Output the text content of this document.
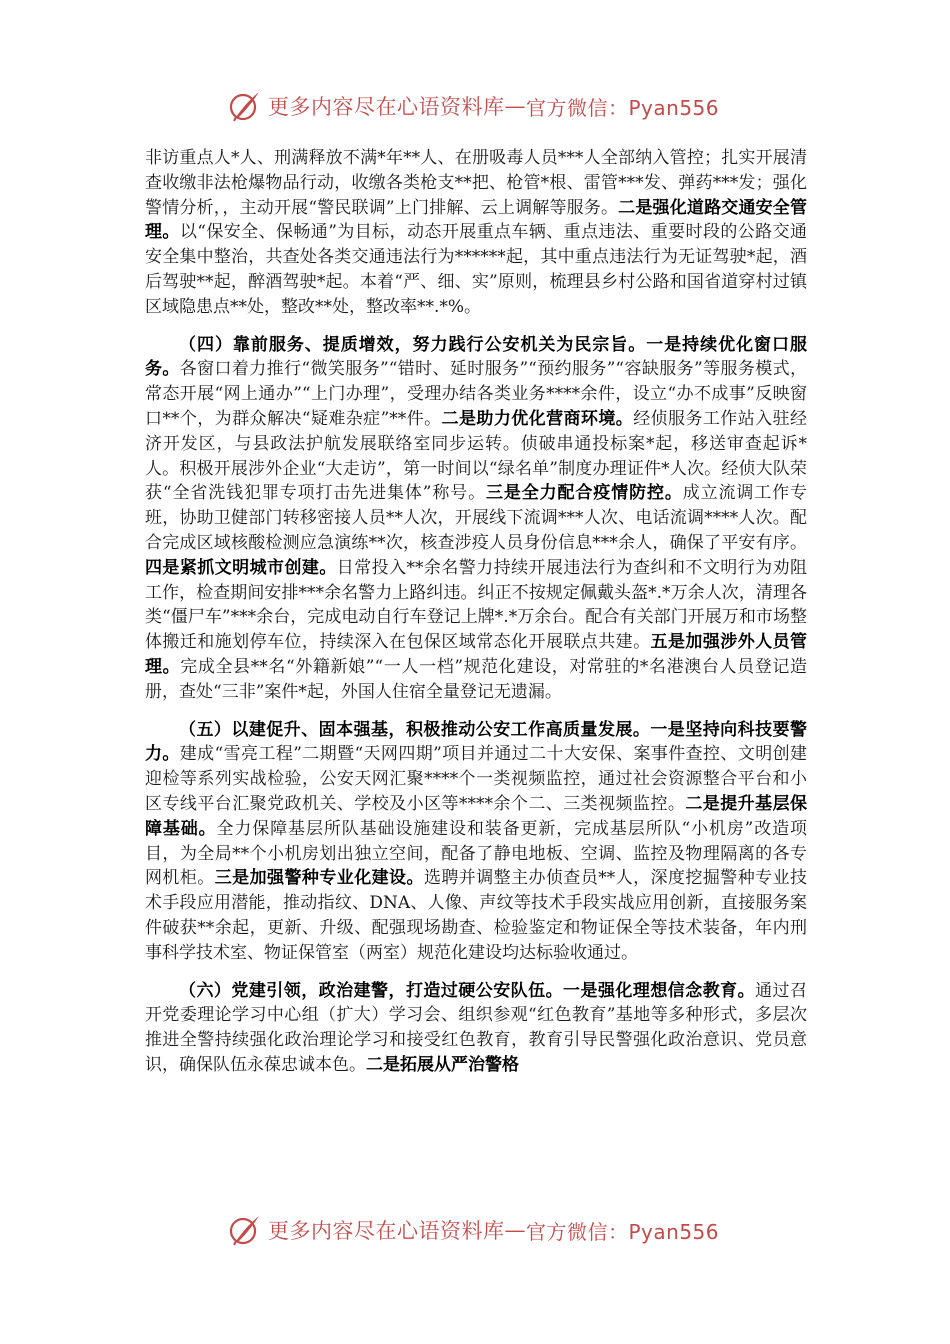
更多内容尽在心语资料库 — 官方微信：Pyan556

非访重点人*人、刑满释放不满*年**人、在册吸毒人员***人全部纳入管控；扎实开展清查收缴非法枪爆物品行动，收缴各类枪支**把、枪管*根、雷管***发、弹药***发；强化警情分析，，主动开展“警民联调”上门排解、云上调解等服务。二是强化道路交通安全管理。以“保安全、保畅通”为目标，动态开展重点车辆、重点违法、重要时段的公路交通安全集中整治，共查处各类交通违法行为******起，其中重点违法行为无证驾驶*起，酒后驾驶**起，醉酒驾驶*起。本着“严、细、实”原则，梳理县乡村公路和国省道穿村过镇区域隐患点**处，整改**处，整改率**.*%。

（四）靠前服务、提质增效，努力践行公安机关为民宗旨。一是持续优化窗口服务。各窗口着力推行“微笑服务”“错时、延时服务”“预约服务”“容缺服务”等服务模式，常态开展“网上通办”“上门办理”，受理办结各类业务****余件，设立“办不成事”反映窗口**个，为群众解决“疑难杂症”**件。二是助力优化营商环境。经侦服务工作站入驻经济开发区，与县政法护航发展联络室同步运转。侦破串通投标案*起，移送审查起诉*人。积极开展涉外企业“大走访”，第一时间以“绿名单”制度办理证件*人次。经侦大队荣获“全省洗钱犯罪专项打击先进集体”称号。三是全力配合疫情防控。成立流调工作专班，协助卫健部门转移密接人员**人次，开展线下流调***人次、电话流调****人次。配合完成区域核酸检测应急演练**次，核查涉疫人员身份信息***余人，确保了平安有序。四是紧抓文明城市创建。日常投入**余名警力持续开展违法行为查纠和不文明行为劝阻工作，检查期间安排***余名警力上路纠违。纠正不按规定佩戴头盔*.*万余人次，清理各类“僵尸车”***余台，完成电动自行车登记上牌*.*万余台。配合有关部门开展万和市场整体搬迁和施划停车位，持续深入在包保区域常态化开展联点共建。五是加强涉外人员管理。完成全县**名“外籍新娘”“一人一档”规范化建设，对常驻的*名港澳台人员登记造册，查处“三非”案件*起，外国人住宿全量登记无遗漏。

（五）以建促升、固本强基，积极推动公安工作高质量发展。一是坚持向科技要警力。建成“雪亮工程”二期暨“天网四期”项目并通过二十大安保、案事件查控、文明创建迎检等系列实战检验，公安天网汇聚****个一类视频监控，通过社会资源整合平台和小区专线平台汇聚党政机关、学校及小区等****余个二、三类视频监控。二是提升基层保障基础。全力保障基层所队基础设施建设和装备更新，完成基层所队“小机房”改造项目，为全局**个小机房划出独立空间，配备了静电地板、空调、监控及物理隔离的各专网机柜。三是加强警种专业化建设。选聘并调整主办侦查员**人，深度挖掘警种专业技术手段应用潜能，推动指纹、DNA、人像、声纹等技术手段实战应用创新，直接服务案件破获**余起，更新、升级、配强现场勘查、检验鉴定和物证保全等技术装备，年内刑事科学技术室、物证保管室（两室）规范化建设均达标验收通过。

（六）党建引领，政治建警，打造过硬公安队伍。一是强化理想信念教育。通过召开党委理论学习中心组（扩大）学习会、组织参观“红色教育”基地等多种形式，多层次推进全警持续强化政治理论学习和接受红色教育，教育引导民警强化政治意识、党员意识，确保队伍永葆忠诚本色。二是拓展从严治警格

更多内容尽在心语资料库 — 官方微信：Pyan556
